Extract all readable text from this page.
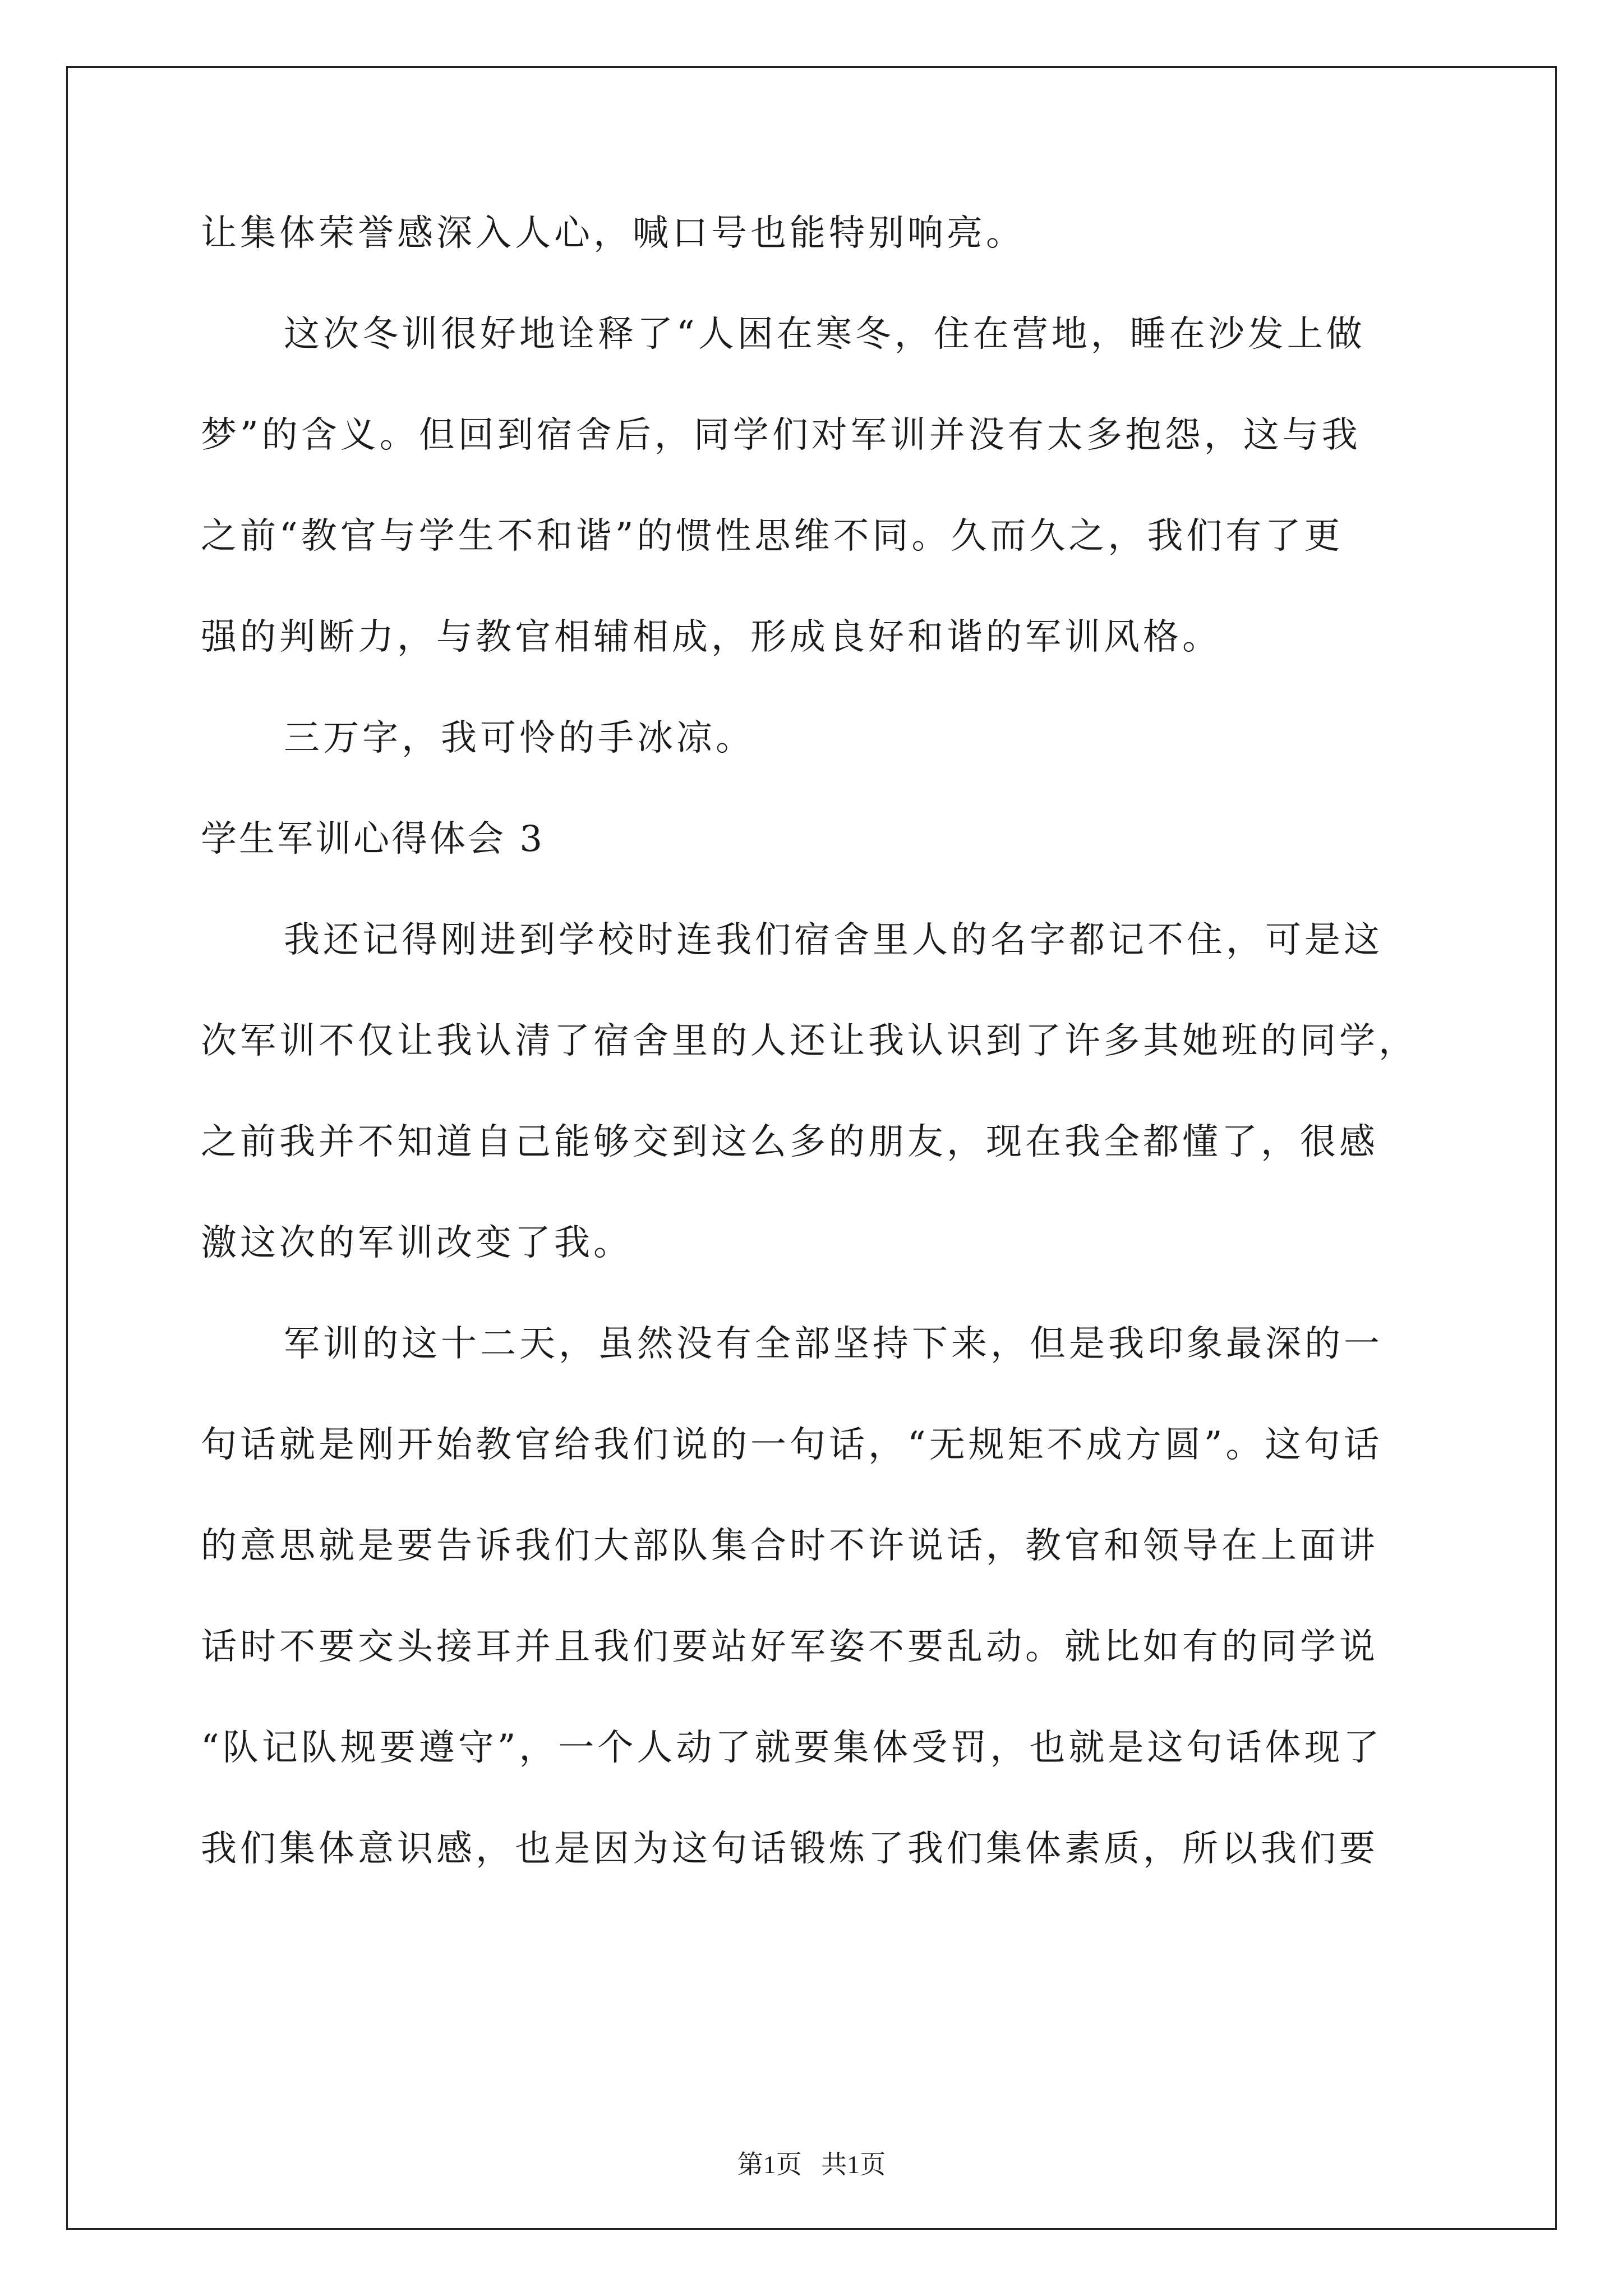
让集体荣誉感深入人心，喊口号也能特别响亮。
这次冬训很好地诠释了“人困在寒冬，住在营地，睡在沙发上做
梦”的含义。但回到宿舍后，同学们对军训并没有太多抱怨，这与我
之前“教官与学生不和谐”的惯性思维不同。久而久之，我们有了更
强的判断力，与教官相辅相成，形成良好和谐的军训风格。
三万字，我可怜的手冰凉。
学生军训心得体会 3
我还记得刚进到学校时连我们宿舍里人的名字都记不住，可是这
次军训不仅让我认清了宿舍里的人还让我认识到了许多其她班的同学，
之前我并不知道自己能够交到这么多的朋友，现在我全都懂了，很感
激这次的军训改变了我。
军训的这十二天，虽然没有全部坚持下来，但是我印象最深的一
句话就是刚开始教官给我们说的一句话，“无规矩不成方圆”。这句话
的意思就是要告诉我们大部队集合时不许说话，教官和领导在上面讲
话时不要交头接耳并且我们要站好军姿不要乱动。就比如有的同学说
“队记队规要遵守”，一个人动了就要集体受罚，也就是这句话体现了
我们集体意识感，也是因为这句话锻炼了我们集体素质，所以我们要
第1页   共1页
